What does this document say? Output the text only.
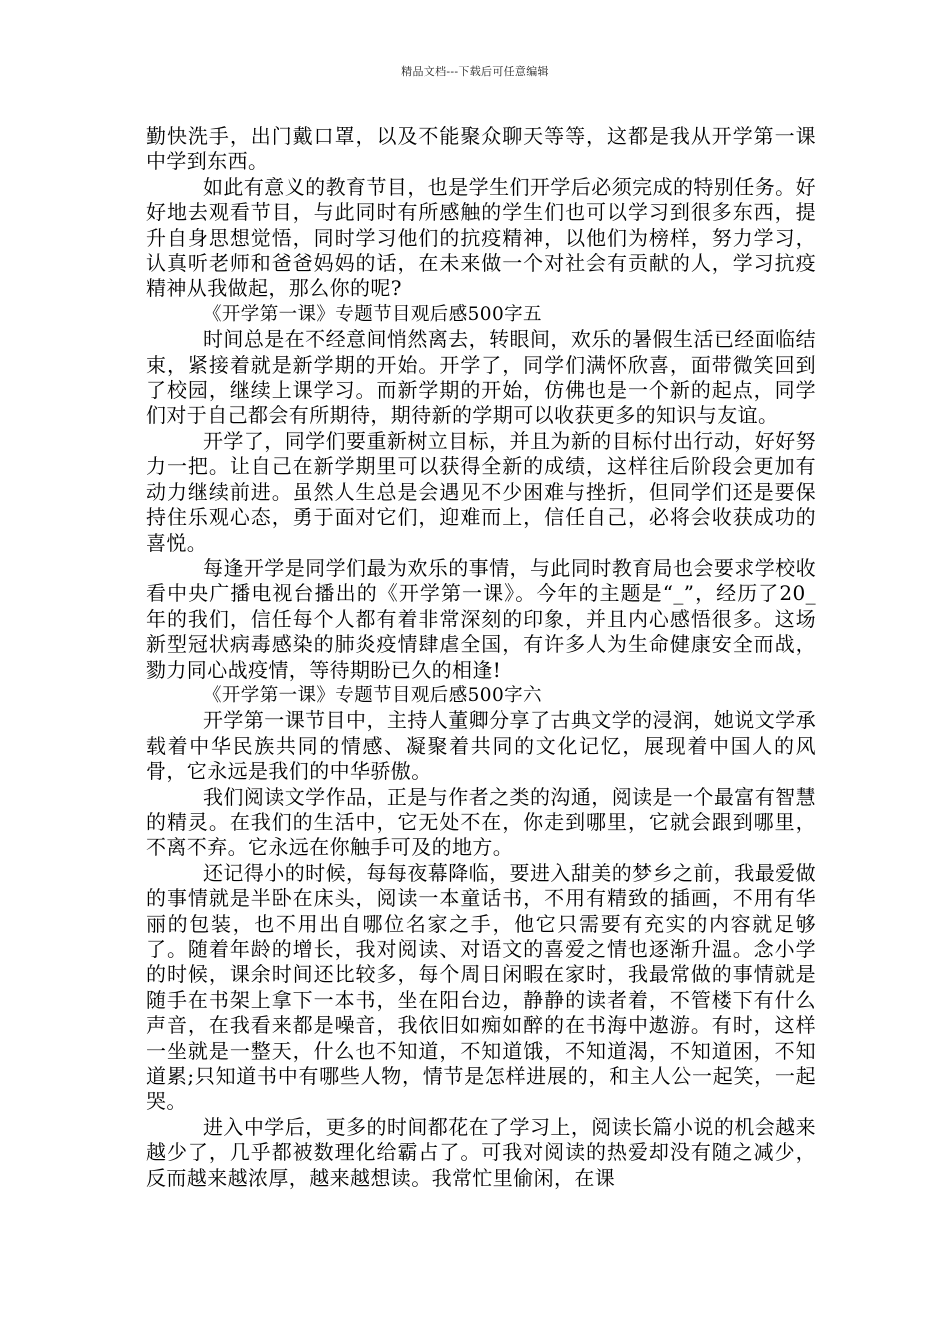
精品文档---下载后可任意编辑

勤快洗手，出门戴口罩，以及不能聚众聊天等等，这都是我从开学第一课中学到东西。

如此有意义的教育节目，也是学生们开学后必须完成的特别任务。好好地去观看节目，与此同时有所感触的学生们也可以学习到很多东西，提升自身思想觉悟，同时学习他们的抗疫精神，以他们为榜样，努力学习，认真听老师和爸爸妈妈的话，在未来做一个对社会有贡献的人，学习抗疫精神从我做起，那么你的呢?

《开学第一课》专题节目观后感500字五

时间总是在不经意间悄然离去，转眼间，欢乐的暑假生活已经面临结束，紧接着就是新学期的开始。开学了，同学们满怀欣喜，面带微笑回到了校园，继续上课学习。而新学期的开始，仿佛也是一个新的起点，同学们对于自己都会有所期待，期待新的学期可以收获更多的知识与友谊。

开学了，同学们要重新树立目标，并且为新的目标付出行动，好好努力一把。让自己在新学期里可以获得全新的成绩，这样往后阶段会更加有动力继续前进。虽然人生总是会遇见不少困难与挫折，但同学们还是要保持住乐观心态，勇于面对它们，迎难而上，信任自己，必将会收获成功的喜悦。

每逢开学是同学们最为欢乐的事情，与此同时教育局也会要求学校收看中央广播电视台播出的《开学第一课》。今年的主题是“_”，经历了20_年的我们，信任每个人都有着非常深刻的印象，并且内心感悟很多。这场新型冠状病毒感染的肺炎疫情肆虐全国，有许多人为生命健康安全而战，勠力同心战疫情，等待期盼已久的相逢!

《开学第一课》专题节目观后感500字六

开学第一课节目中，主持人董卿分享了古典文学的浸润，她说文学承载着中华民族共同的情感、凝聚着共同的文化记忆，展现着中国人的风骨，它永远是我们的中华骄傲。

我们阅读文学作品，正是与作者之类的沟通，阅读是一个最富有智慧的精灵。在我们的生活中，它无处不在，你走到哪里，它就会跟到哪里，不离不弃。它永远在你触手可及的地方。

还记得小的时候，每每夜幕降临，要进入甜美的梦乡之前，我最爱做的事情就是半卧在床头，阅读一本童话书，不用有精致的插画，不用有华丽的包装，也不用出自哪位名家之手，他它只需要有充实的内容就足够了。随着年龄的增长，我对阅读、对语文的喜爱之情也逐渐升温。念小学的时候，课余时间还比较多，每个周日闲暇在家时，我最常做的事情就是随手在书架上拿下一本书，坐在阳台边，静静的读者着，不管楼下有什么声音，在我看来都是噪音，我依旧如痴如醉的在书海中遨游。有时，这样一坐就是一整天，什么也不知道，不知道饿，不知道渴，不知道困，不知道累;只知道书中有哪些人物，情节是怎样进展的，和主人公一起笑，一起哭。

进入中学后，更多的时间都花在了学习上，阅读长篇小说的机会越来越少了，几乎都被数理化给霸占了。可我对阅读的热爱却没有随之减少，反而越来越浓厚，越来越想读。我常忙里偷闲，在课
